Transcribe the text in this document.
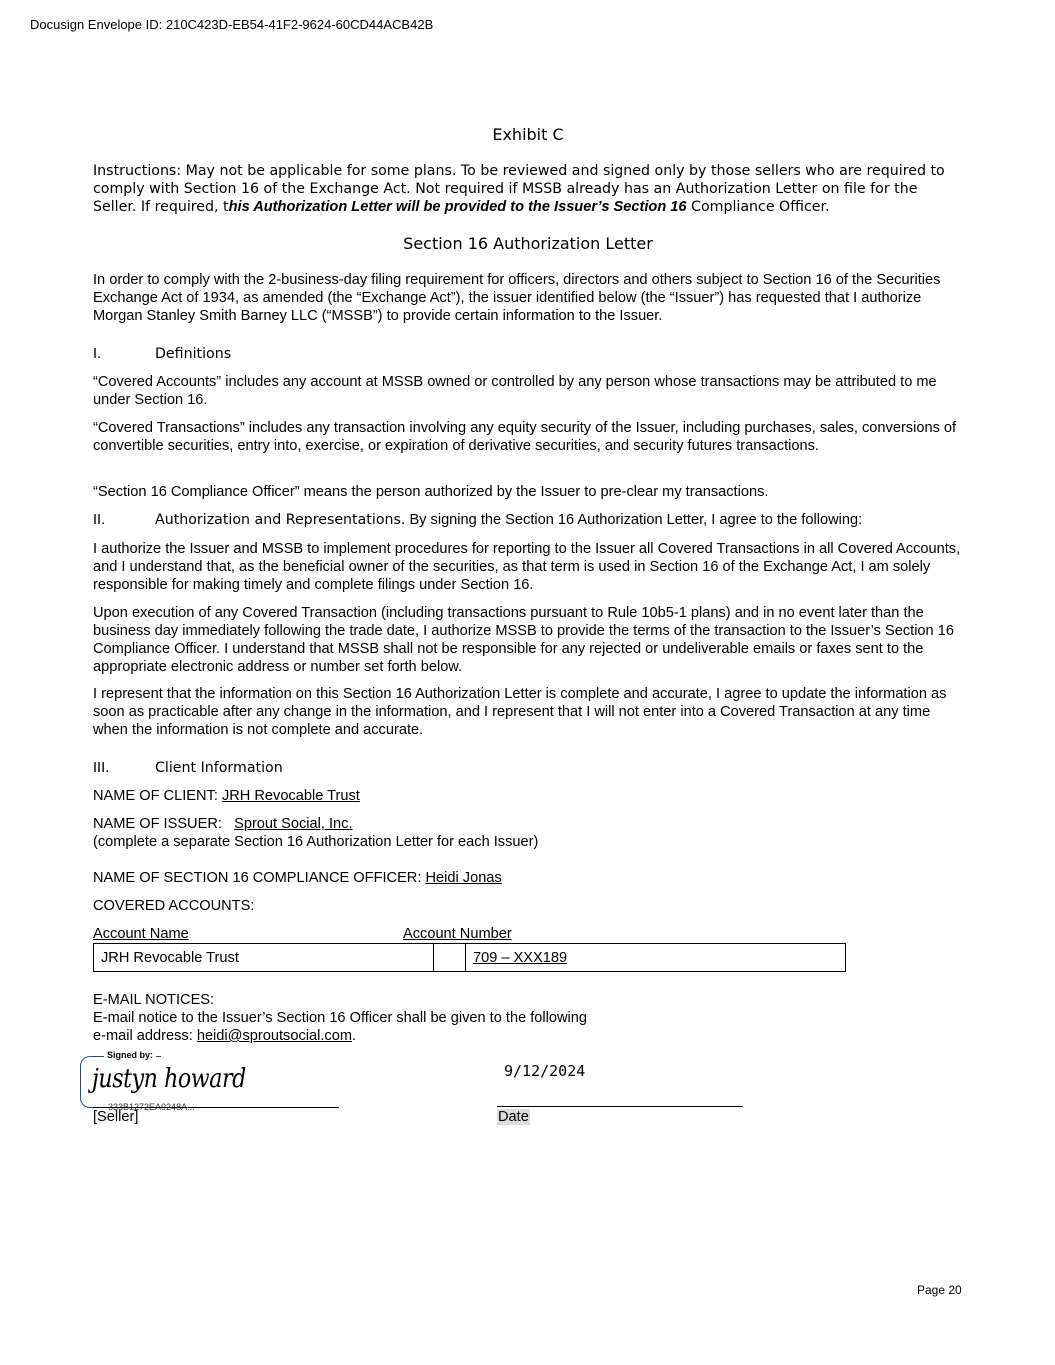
Docusign Envelope ID: 210C423D-EB54-41F2-9624-60CD44ACB42B
Exhibit C

Instructions: May not be applicable for some plans. To be reviewed and signed only by those sellers who are required to comply with Section 16 of the Exchange Act. Not required if MSSB already has an Authorization Letter on file for the Seller. If required, this Authorization Letter will be provided to the Issuer’s Section 16 Compliance Officer.

Section 16 Authorization Letter

In order to comply with the 2-business-day filing requirement for officers, directors and others subject to Section 16 of the Securities Exchange Act of 1934, as amended (the “Exchange Act”), the issuer identified below (the “Issuer”) has requested that I authorize Morgan Stanley Smith Barney LLC (“MSSB”) to provide certain information to the Issuer.

I.	Definitions

“Covered Accounts” includes any account at MSSB owned or controlled by any person whose transactions may be attributed to me under Section 16.

“Covered Transactions” includes any transaction involving any equity security of the Issuer, including purchases, sales, conversions of convertible securities, entry into, exercise, or expiration of derivative securities, and security futures transactions.

“Section 16 Compliance Officer” means the person authorized by the Issuer to pre-clear my transactions.

II.	Authorization and Representations. By signing the Section 16 Authorization Letter, I agree to the following:

I authorize the Issuer and MSSB to implement procedures for reporting to the Issuer all Covered Transactions in all Covered Accounts, and I understand that, as the beneficial owner of the securities, as that term is used in Section 16 of the Exchange Act, I am solely responsible for making timely and complete filings under Section 16.

Upon execution of any Covered Transaction (including transactions pursuant to Rule 10b5-1 plans) and in no event later than the business day immediately following the trade date, I authorize MSSB to provide the terms of the transaction to the Issuer’s Section 16 Compliance Officer. I understand that MSSB shall not be responsible for any rejected or undeliverable emails or faxes sent to the appropriate electronic address or number set forth below.

I represent that the information on this Section 16 Authorization Letter is complete and accurate, I agree to update the information as soon as practicable after any change in the information, and I represent that I will not enter into a Covered Transaction at any time when the information is not complete and accurate.

III.	Client Information
NAME OF CLIENT: JRH Revocable Trust
NAME OF ISSUER:   Sprout Social, Inc.
(complete a separate Section 16 Authorization Letter for each Issuer)
NAME OF SECTION 16 COMPLIANCE OFFICER: Heidi Jonas
COVERED ACCOUNTS:
Account Name	Account Number
JRH Revocable Trust		709 – XXX189
E-MAIL NOTICES:
E-mail notice to the Issuer’s Section 16 Officer shall be given to the following
e-mail address: heidi@sproutsocial.com.
Signed by:
justyn howard
333B1272EA9248A...
[Seller]
9/12/2024
Date
Page 20
